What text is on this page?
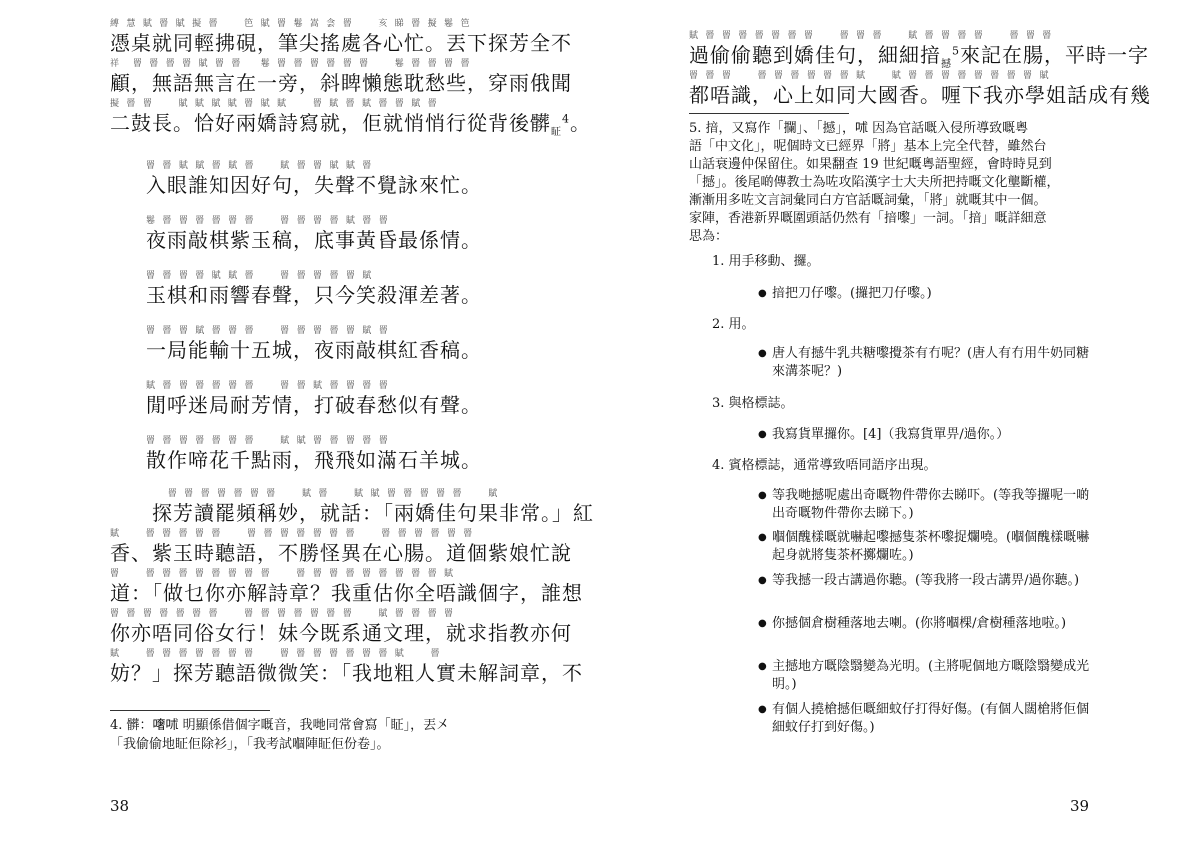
縛 慧 賦 罾 賦 擬 罾    笆 賦 罾 鬈 嵩 侌 罾    亥 睇 罾 擬 鬈 笆
憑桌就同輕拂硯，筆尖搖處各心忙。丟下探芳全不
祥  罾 罾 罾 罾 賦 罾 罾   鬈 罾 罾 罾 罾 罾 罾    鬈 罾 罾 罾 罾
顧，無語無言在一旁，斜睥懶態耽愁些，穿雨俄聞
擬 罾 罾    賦 賦 賦 賦 罾 賦 賦    罾 賦 罾 賦 罾 罾 賦 罾
二鼓長。恰好兩嬌詩寫就，佢就悄悄行從背後髒$_眐^4$。
罾 罾 賦 賦 罾 賦 罾    賦 罾 罾 賦 賦 罾
入眼誰知因好句，失聲不覺詠來忙。
鬈 罾 罾 罾 罾 罾 罾    罾 罾 罾 罾 賦 罾 罾
夜雨敲棋紫玉稿，底事黃昏最係情。
罾 罾 罾 罾 賦 賦 罾    罾 罾 罾 罾 罾 賦
玉棋和雨響春聲，只今笑殺渾差著。
罾 罾 罾 賦 罾 罾 罾    罾 罾 罾 罾 罾 賦 罾
一局能輸十五城，夜雨敲棋紅香稿。
賦 罾 罾 罾 罾 罾 罾    罾 罾 賦 罾 罾 罾 罾
閒呼迷局耐芳情，打破春愁似有聲。
罾 罾 罾 罾 罾 罾 罾    賦 賦 罾 罾 罾 罾 罾
散作啼花千點雨，飛飛如滿石羊城。
罾 罾 罾 罾 罾 罾 罾    賦 罾    賦 賦 罾 罾 罾 罾 罾    賦
　　探芳讀罷頻稱妙，就話：「兩嬌佳句果非常。」紅
賦    罾 罾 罾 罾 罾    罾 罾 罾 罾 罾 罾 罾    罾 罾 罾 罾 罾 罾
香、紫玉時聽語，不勝怪異在心腸。道個紫娘忙說
罾    罾 罾 罾 罾 罾 罾 罾 罾    罾 罾 罾 罾 罾 罾 罾 罾 罾 賦
道：「做乜你亦解詩章？我重估你全唔識個字，誰想
罾 罾 罾 罾 罾 罾 罾    罾 罾 罾 罾 罾 罾 罾    賦 罾 罾 罾 罾
你亦唔同俗女行！妹今既系通文理，就求指教亦何
賦    罾 罾 罾 罾 罾 罾 罾    罾 罾 罾 罾 罾 罾 罾 賦    罾
妨？」探芳聽語微微笑：「我地粗人實未解詞章，不
4. 髒：𠾏𠰲 明顯係借個字嘅音，我哋同常會寫「眐」，丟㐅
「我偷偷地眐佢除衫」，「我考試嗰陣眐佢份卷」。
38
賦 罾 罾 罾 罾 罾 罾 罾    罾 罾 罾    賦 罾 罾 罾 罾    罾 罾 罾
過偷偷聽到嬌佳句，細細揞$_撼^5$來記在腸，平時一字
罾 罾 罾    罾 罾 罾 罾 罾 罾 賦    賦 罾 罾 罾 罾 罾 罾 罾 罾 賦
都唔識，心上如同大國香。喱下我亦學姐話成有幾
5. 揞，又寫作「攔」、「撼」，𠰲 因為官話嘅入侵所導致嘅粵
語「中文化」，呢個時文已經界「將」基本上完全代替，雖然台
山話衰邊仲保留住。如果翻查 19 世紀嘅粵語聖經，會時時見到
「撼」。後尾啲傳教士為咗攻陷漢字士大夫所把持嘅文化壟斷權，
漸漸用多咗文言詞彙同白方官話嘅詞彙，「將」就嘅其中一個。
家陣，香港新界嘅圍頭話仍然有「揞嚟」一詞。「揞」嘅詳細意
思為：
1. 用手移動、攞。
● 揞把刀仔嚟。(攞把刀仔嚟。)
2. 用。
● 唐人有撼牛乳共糖嚟攪茶有冇呢？(唐人有冇用牛奶同糖來溝茶呢？)
3. 與格標誌。
● 我寫貨單攞你。[4]（我寫貨單畀/過你。）
4. 賓格標誌，通常導致唔同語序出現。
● 等我哋撼呢處出奇嘅物件帶你去睇吓。(等我等攞呢一啲出奇嘅物件帶你去睇下。)
● 嗰個醜樣嘅就嚇起嚟撼隻茶杯嚟捉爛嘵。(嗰個醜樣嘅嚇起身就將隻茶杯擲爛咗。)
● 等我撼一段古講過你聽。(等我將一段古講畀/過你聽。)
● 你撼個倉樹種落地去喇。(你將嗰棵/倉樹種落地啦。)
● 主撼地方嘅陰翳變為光明。(主將呢個地方嘅陰翳變成光明。)
● 有個人撓槍撼佢嘅細蚊仔打得好傷。(有個人闊槍將佢個細蚊仔打到好傷。)
39
